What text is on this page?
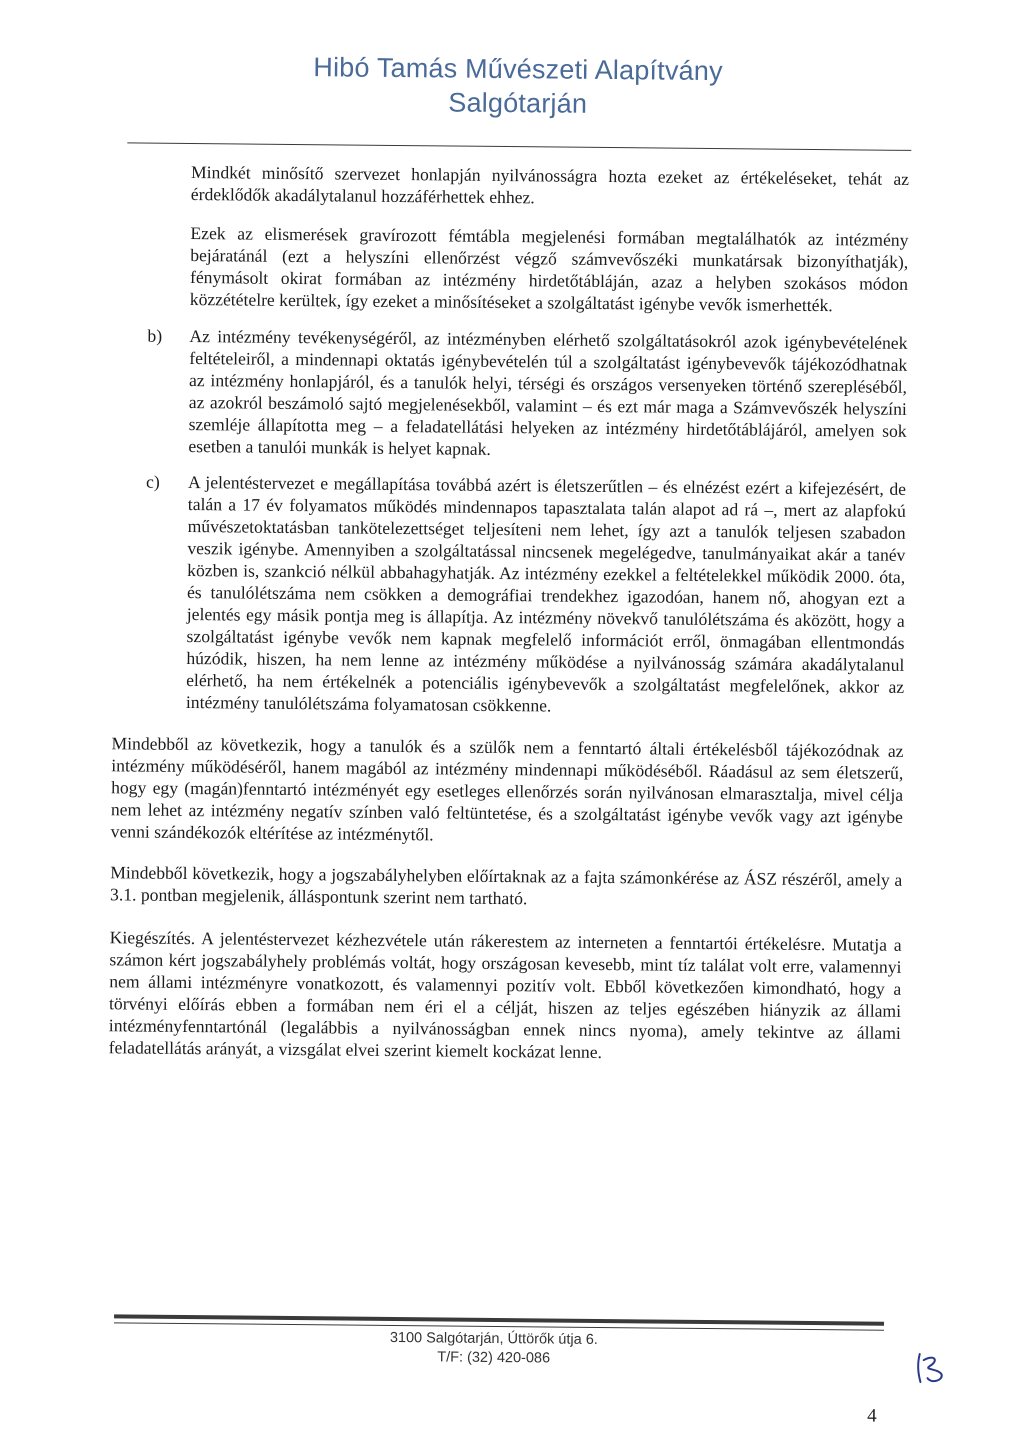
Hibó Tamás Művészeti Alapítvány
Salgótarján

Mindkét minősítő szervezet honlapján nyilvánosságra hozta ezeket az értékeléseket, tehát az érdeklődők akadálytalanul hozzáférhettek ehhez.

Ezek az elismerések gravírozott fémtábla megjelenési formában megtalálhatók az intézmény bejáratánál (ezt a helyszíni ellenőrzést végző számvevőszéki munkatársak bizonyíthatják), fénymásolt okirat formában az intézmény hirdetőtábláján, azaz a helyben szokásos módon közzétételre kerültek, így ezeket a minősítéseket a szolgáltatást igénybe vevők ismerhették.

b) Az intézmény tevékenységéről, az intézményben elérhető szolgáltatásokról azok igénybevételének feltételeiről, a mindennapi oktatás igénybevételén túl a szolgáltatást igénybevevők tájékozódhatnak az intézmény honlapjáról, és a tanulók helyi, térségi és országos versenyeken történő szerepléséből, az azokról beszámoló sajtó megjelenésekből, valamint – és ezt már maga a Számvevőszék helyszíni szemléje állapította meg – a feladatellátási helyeken az intézmény hirdetőtáblájáról, amelyen sok esetben a tanulói munkák is helyet kapnak.
c) A jelentéstervezet e megállapítása továbbá azért is életszerűtlen – és elnézést ezért a kifejezésért, de talán a 17 év folyamatos működés mindennapos tapasztalata talán alapot ad rá –, mert az alapfokú művészetoktatásban tankötelezettséget teljesíteni nem lehet, így azt a tanulók teljesen szabadon veszik igénybe. Amennyiben a szolgáltatással nincsenek megelégedve, tanulmányaikat akár a tanév közben is, szankció nélkül abbahagyhatják. Az intézmény ezekkel a feltételekkel működik 2000. óta, és tanulólétszáma nem csökken a demográfiai trendekhez igazodóan, hanem nő, ahogyan ezt a jelentés egy másik pontja meg is állapítja. Az intézmény növekvő tanulólétszáma és aközött, hogy a szolgáltatást igénybe vevők nem kapnak megfelelő információt erről, önmagában ellentmondás húzódik, hiszen, ha nem lenne az intézmény működése a nyilvánosság számára akadálytalanul elérhető, ha nem értékelnék a potenciális igénybevevők a szolgáltatást megfelelőnek, akkor az intézmény tanulólétszáma folyamatosan csökkenne.

Mindebből az következik, hogy a tanulók és a szülők nem a fenntartó általi értékelésből tájékozódnak az intézmény működéséről, hanem magából az intézmény mindennapi működéséből. Ráadásul az sem életszerű, hogy egy (magán)fenntartó intézményét egy esetleges ellenőrzés során nyilvánosan elmarasztalja, mivel célja nem lehet az intézmény negatív színben való feltüntetése, és a szolgáltatást igénybe vevők vagy azt igénybe venni szándékozók eltérítése az intézménytől.

Mindebből következik, hogy a jogszabályhelyben előírtaknak az a fajta számonkérése az ÁSZ részéről, amely a 3.1. pontban megjelenik, álláspontunk szerint nem tartható.

Kiegészítés. A jelentéstervezet kézhezvétele után rákerestem az interneten a fenntartói értékelésre. Mutatja a számon kért jogszabályhely problémás voltát, hogy országosan kevesebb, mint tíz találat volt erre, valamennyi nem állami intézményre vonatkozott, és valamennyi pozitív volt. Ebből következően kimondható, hogy a törvényi előírás ebben a formában nem éri el a célját, hiszen az teljes egészében hiányzik az állami intézményfenntartónál (legalábbis a nyilvánosságban ennek nincs nyoma), amely tekintve az állami feladatellátás arányát, a vizsgálat elvei szerint kiemelt kockázat lenne.

3100 Salgótarján, Úttörők útja 6.
T/F: (32) 420-086
4
